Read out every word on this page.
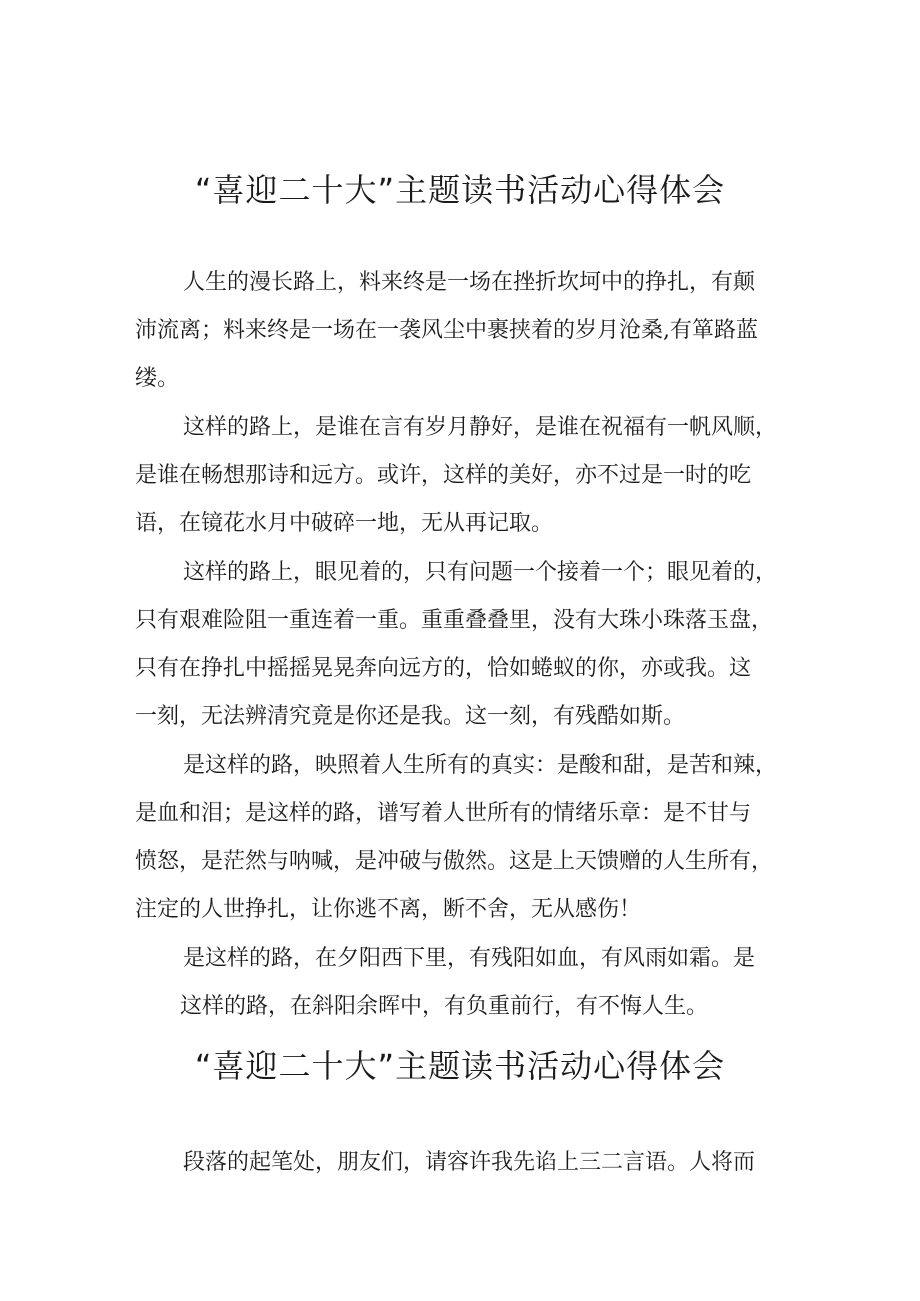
“喜迎二十大”主题读书活动心得体会

人生的漫长路上，料来终是一场在挫折坎坷中的挣扎，有颠

沛流离；料来终是一场在一袭风尘中裹挟着的岁月沧桑,有箪路蓝

缕。

这样的路上，是谁在言有岁月静好，是谁在祝福有一帆风顺，

是谁在畅想那诗和远方。或许，这样的美好，亦不过是一时的吃

语，在镜花水月中破碎一地，无从再记取。

这样的路上，眼见着的，只有问题一个接着一个；眼见着的，

只有艰难险阻一重连着一重。重重叠叠里，没有大珠小珠落玉盘，

只有在挣扎中摇摇晃晃奔向远方的，恰如蜷蚁的你，亦或我。这

一刻，无法辨清究竟是你还是我。这一刻，有残酷如斯。

是这样的路，映照着人生所有的真实：是酸和甜，是苦和辣，

是血和泪；是这样的路，谱写着人世所有的情绪乐章：是不甘与

愤怒，是茫然与呐喊，是冲破与傲然。这是上天馈赠的人生所有，

注定的人世挣扎，让你逃不离，断不舍，无从感伤！

是这样的路，在夕阳西下里，有残阳如血，有风雨如霜。是

这样的路，在斜阳余晖中，有负重前行，有不悔人生。

“喜迎二十大”主题读书活动心得体会

段落的起笔处，朋友们，请容许我先谄上三二言语。人将而
